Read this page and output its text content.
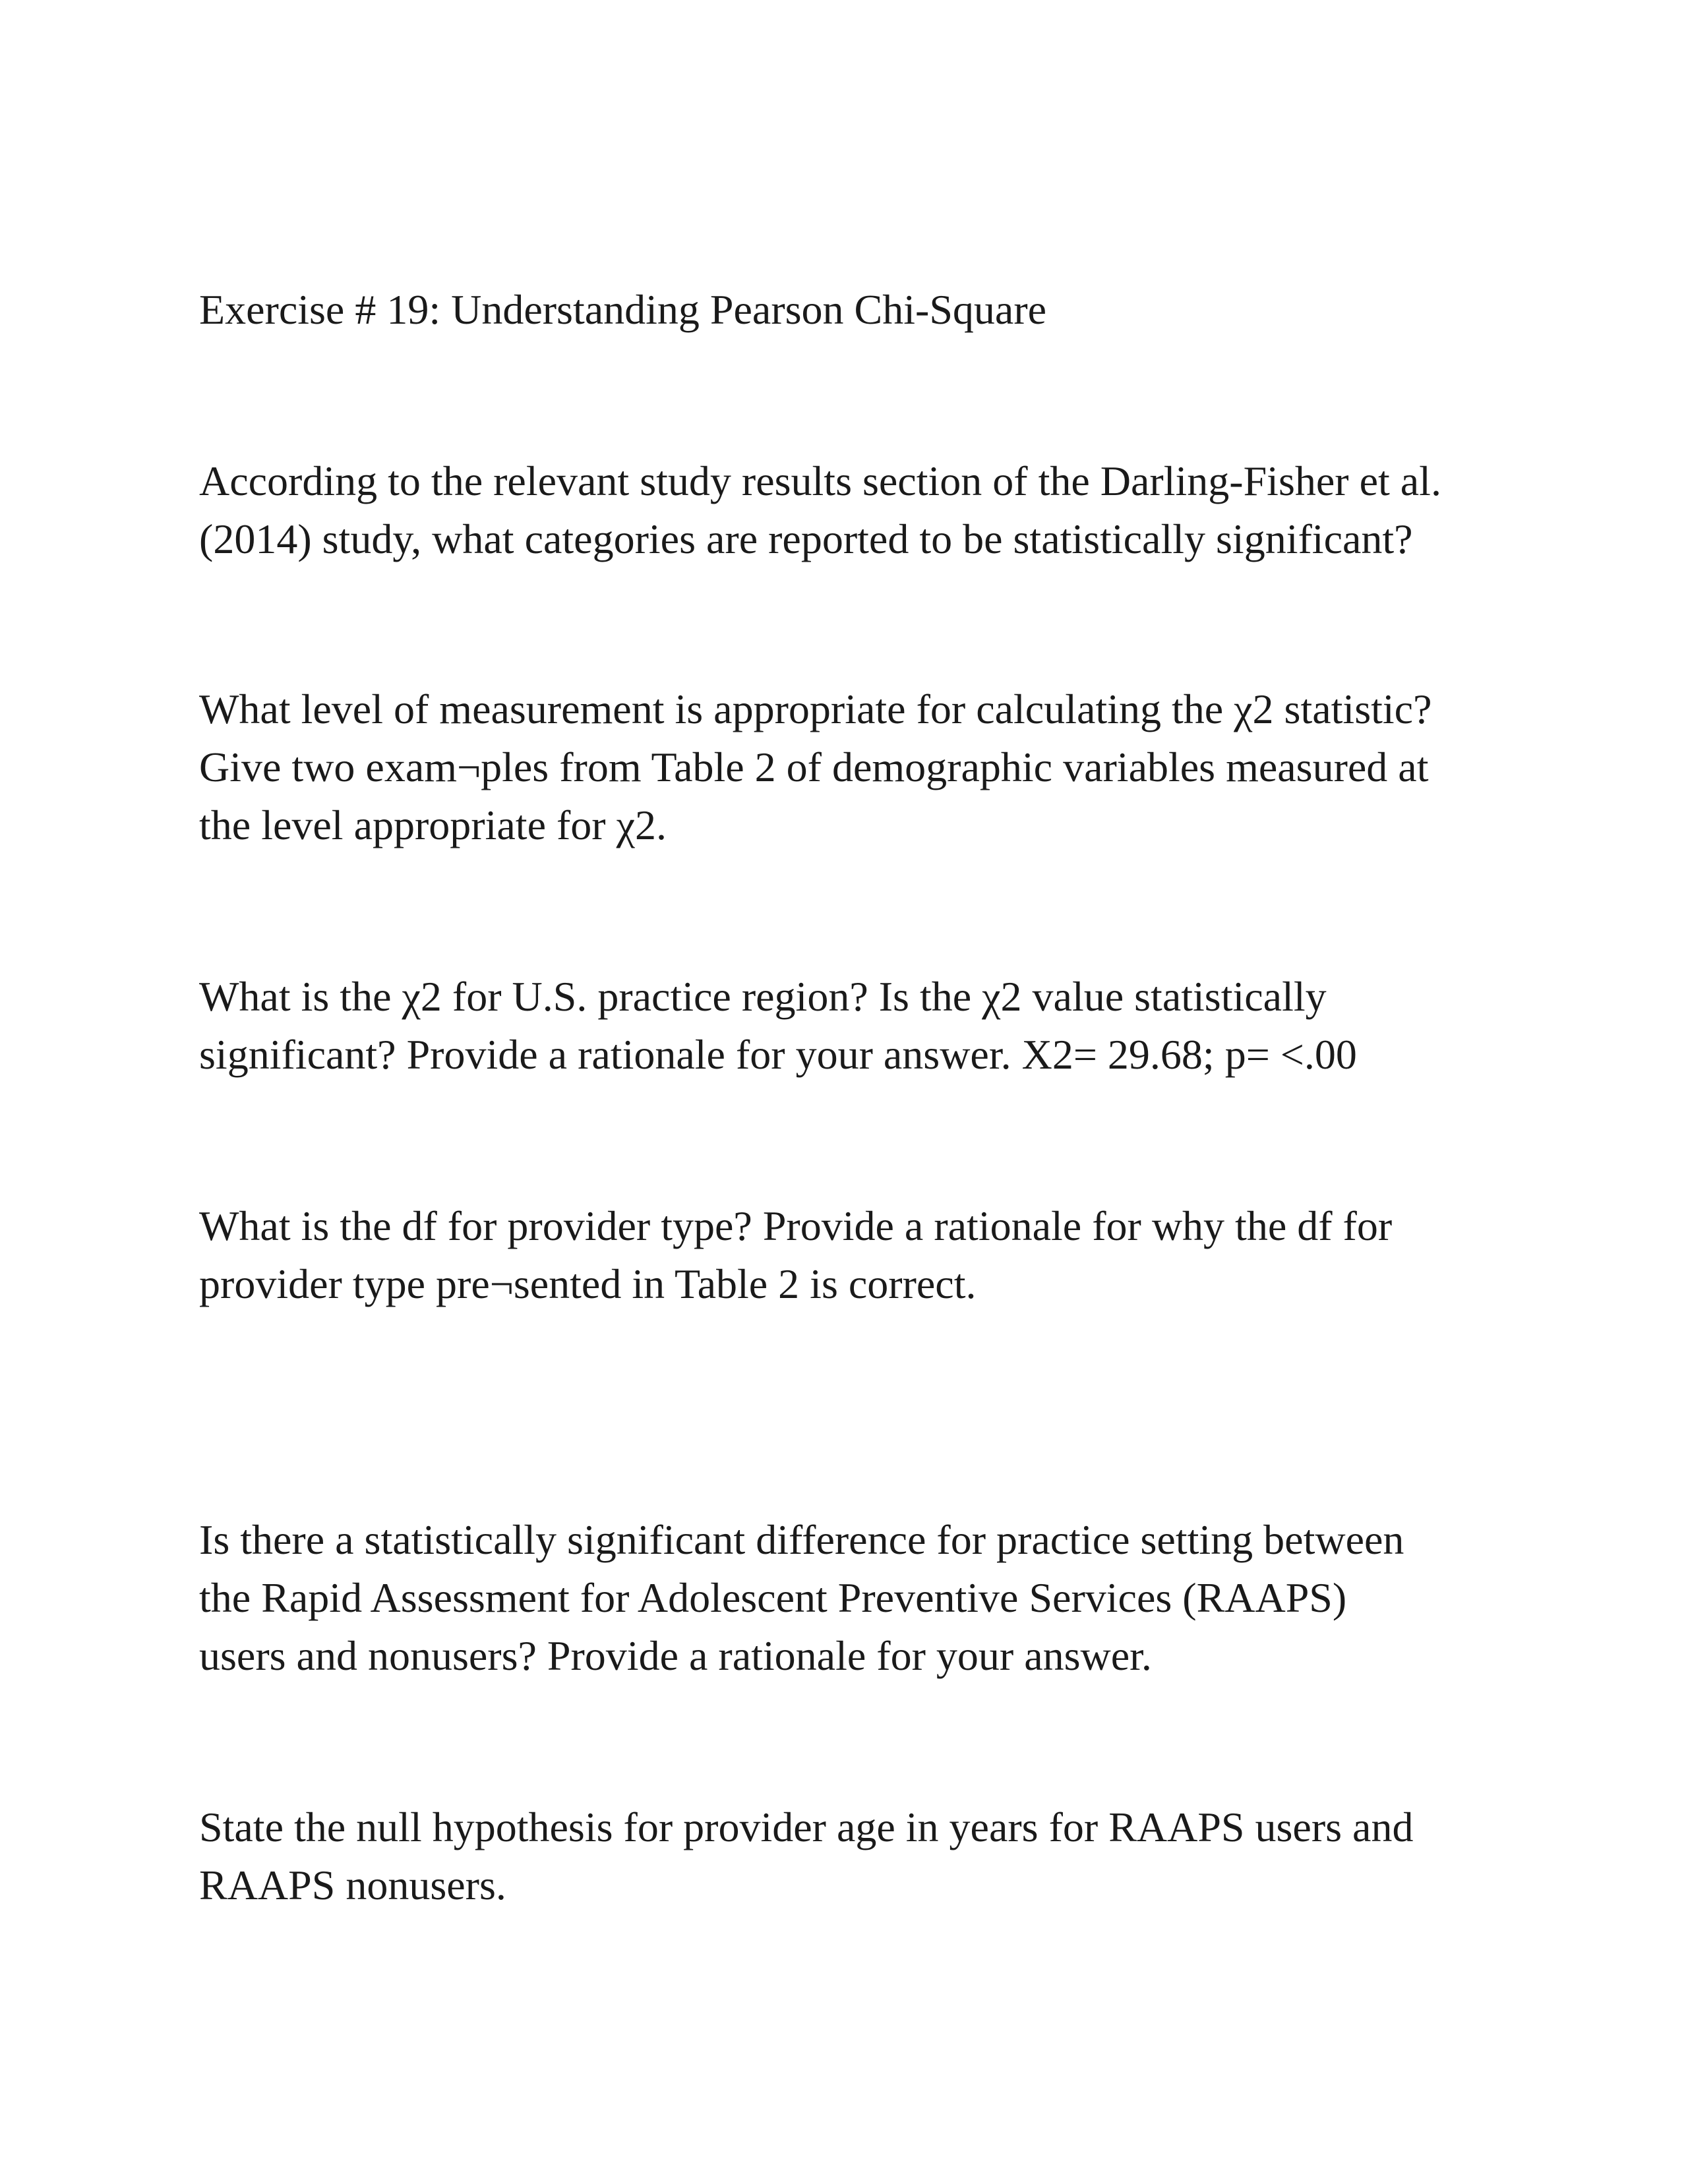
Exercise # 19: Understanding Pearson Chi-Square

According to the relevant study results section of the Darling-Fisher et al.
(2014) study, what categories are reported to be statistically significant?

What level of measurement is appropriate for calculating the χ2 statistic?
Give two exam¬ples from Table 2 of demographic variables measured at
the level appropriate for χ2.

What is the χ2 for U.S. practice region? Is the χ2 value statistically
significant? Provide a rationale for your answer. X2= 29.68; p= <.00

What is the df for provider type? Provide a rationale for why the df for
provider type pre¬sented in Table 2 is correct.

Is there a statistically significant difference for practice setting between
the Rapid Assessment for Adolescent Preventive Services (RAAPS)
users and nonusers? Provide a rationale for your answer.

State the null hypothesis for provider age in years for RAAPS users and
RAAPS nonusers.
